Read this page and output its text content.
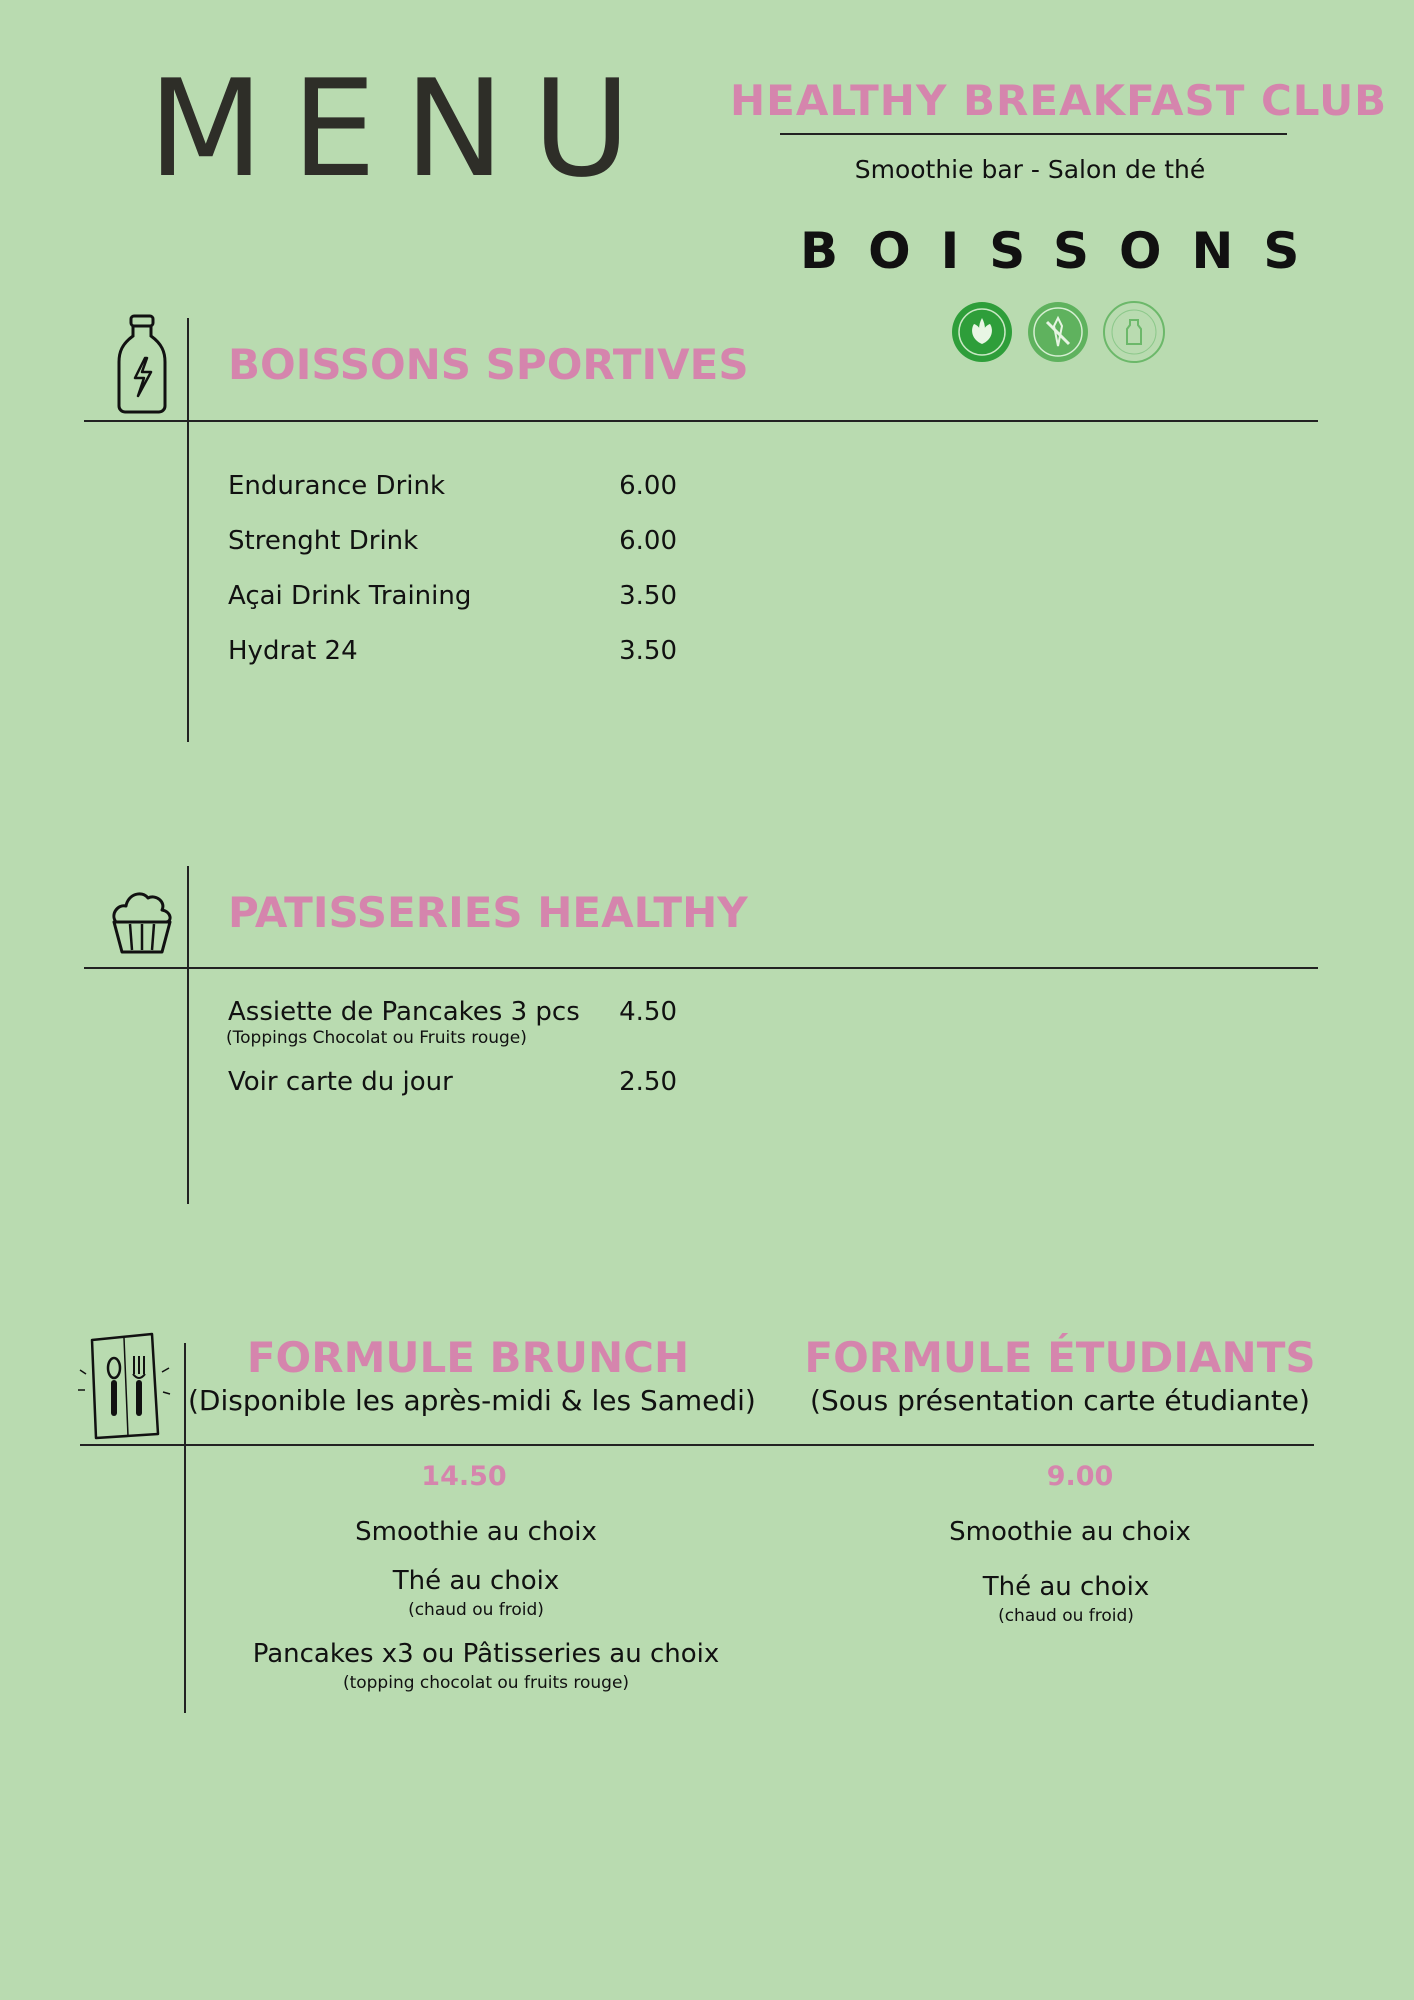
MENU HEALTHY BREAKFAST CLUB
Smoothie bar - Salon de thé
BOISSONS
BOISSONS SPORTIVES
Endurance Drink	6.00
Strenght Drink	6.00
Açai Drink Training	3.50
Hydrat 24	3.50
PATISSERIES HEALTHY
Assiette de Pancakes 3 pcs	4.50
(Toppings Chocolat ou Fruits rouge)
Voir carte du jour	2.50
FORMULE BRUNCH
(Disponible les après-midi & les Samedi)
14.50
Smoothie au choix
Thé au choix
(chaud ou froid)
Pancakes x3 ou Pâtisseries au choix
(topping chocolat ou fruits rouge)
FORMULE ÉTUDIANTS
(Sous présentation carte étudiante)
9.00
Smoothie au choix
Thé au choix
(chaud ou froid)
